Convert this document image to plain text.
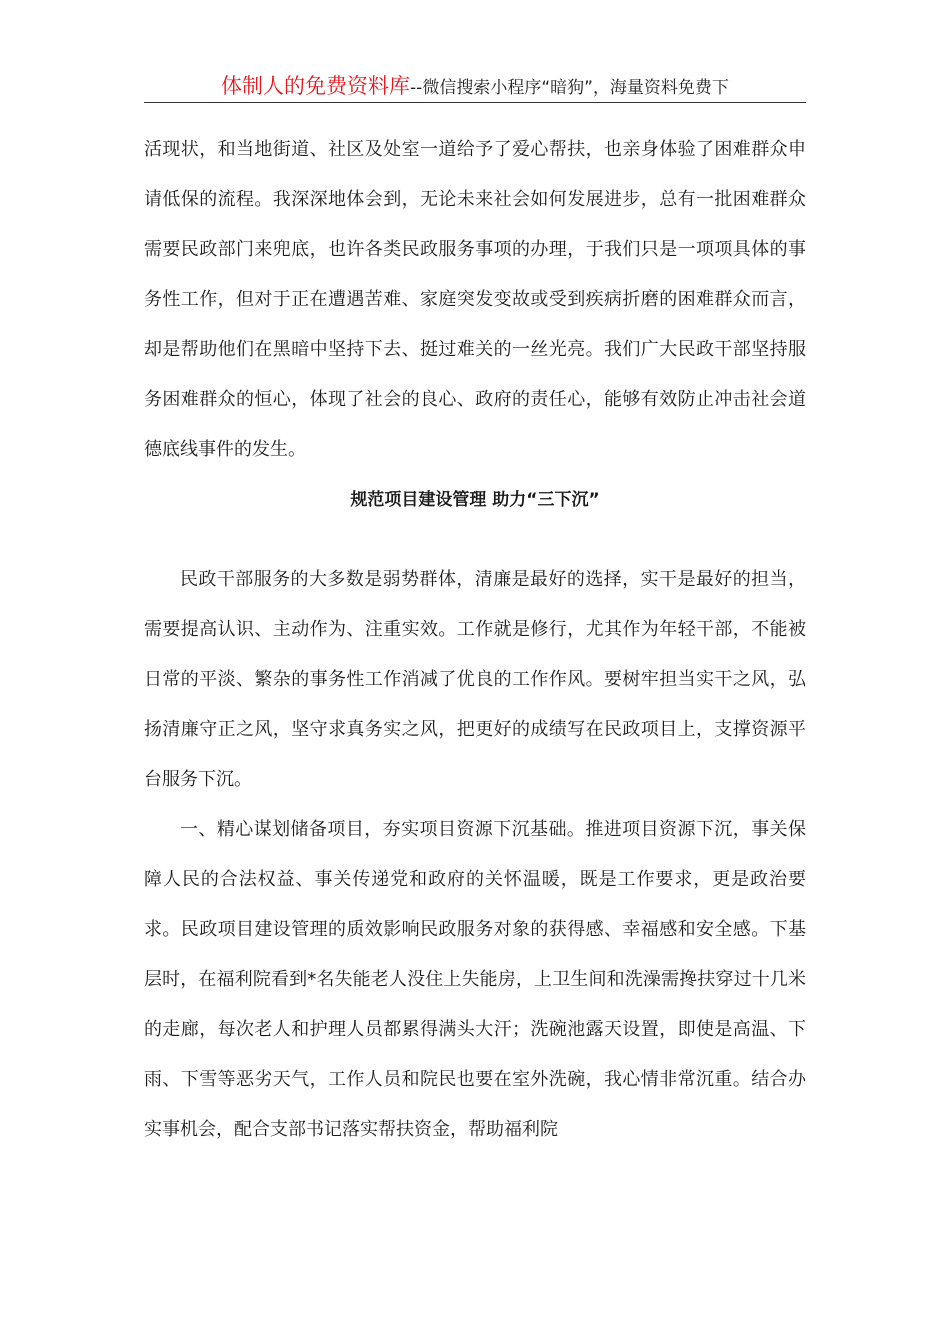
体制人的免费资料库--微信搜索小程序“暗狗”，海量资料免费下

活现状，和当地街道、社区及处室一道给予了爱心帮扶，也亲身体验了困难群众申请低保的流程。我深深地体会到，无论未来社会如何发展进步，总有一批困难群众需要民政部门来兜底，也许各类民政服务事项的办理，于我们只是一项项具体的事务性工作，但对于正在遭遇苦难、家庭突发变故或受到疾病折磨的困难群众而言，却是帮助他们在黑暗中坚持下去、挺过难关的一丝光亮。我们广大民政干部坚持服务困难群众的恒心，体现了社会的良心、政府的责任心，能够有效防止冲击社会道德底线事件的发生。

规范项目建设管理 助力“三下沉”

民政干部服务的大多数是弱势群体，清廉是最好的选择，实干是最好的担当，需要提高认识、主动作为、注重实效。工作就是修行，尤其作为年轻干部，不能被日常的平淡、繁杂的事务性工作消减了优良的工作作风。要树牢担当实干之风，弘扬清廉守正之风，坚守求真务实之风，把更好的成绩写在民政项目上，支撑资源平台服务下沉。

一、精心谋划储备项目，夯实项目资源下沉基础。推进项目资源下沉，事关保障人民的合法权益、事关传递党和政府的关怀温暖，既是工作要求，更是政治要求。民政项目建设管理的质效影响民政服务对象的获得感、幸福感和安全感。下基层时，在福利院看到*名失能老人没住上失能房，上卫生间和洗澡需搀扶穿过十几米的走廊，每次老人和护理人员都累得满头大汗；洗碗池露天设置，即使是高温、下雨、下雪等恶劣天气，工作人员和院民也要在室外洗碗，我心情非常沉重。结合办实事机会，配合支部书记落实帮扶资金，帮助福利院
